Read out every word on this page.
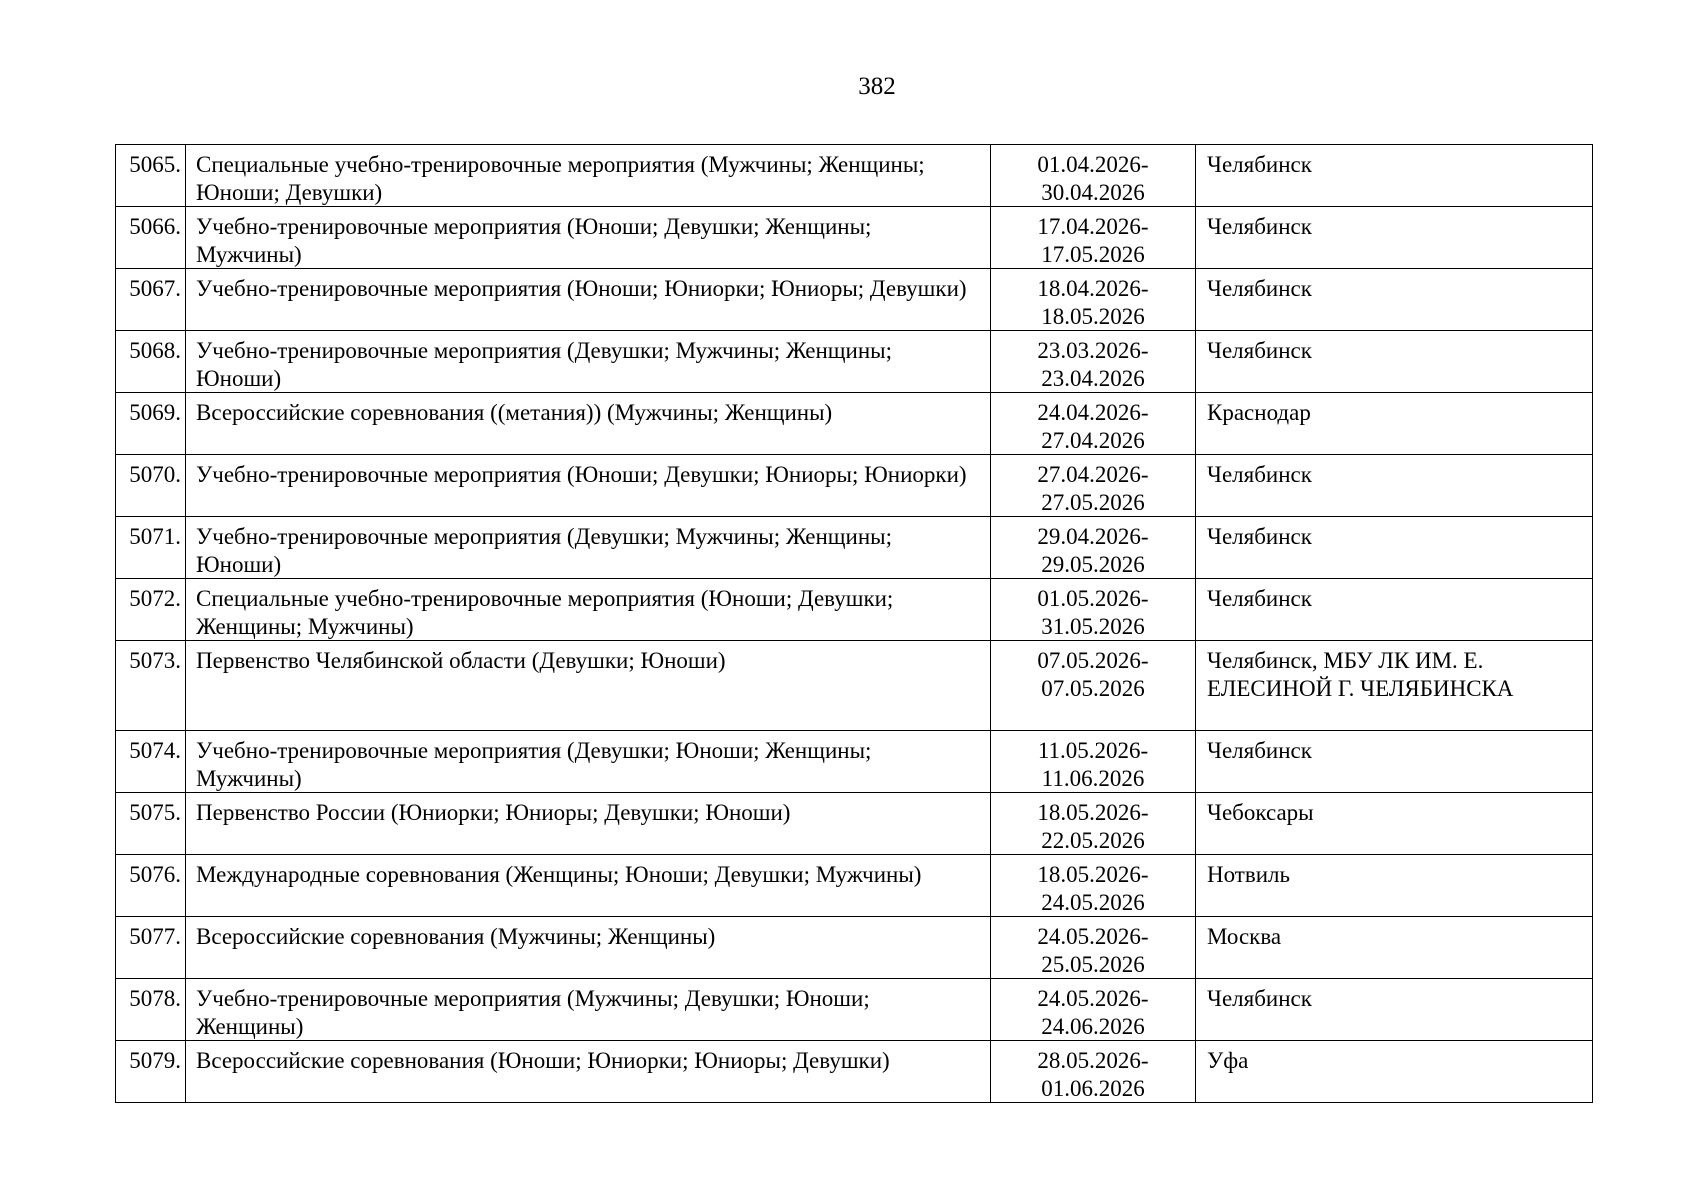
382
5065.	Специальные учебно-тренировочные мероприятия (Мужчины; Женщины; Юноши; Девушки)	01.04.2026-
30.04.2026	Челябинск
5066.	Учебно-тренировочные мероприятия (Юноши; Девушки; Женщины; Мужчины)	17.04.2026-
17.05.2026	Челябинск
5067.	Учебно-тренировочные мероприятия (Юноши; Юниорки; Юниоры; Девушки)	18.04.2026-
18.05.2026	Челябинск
5068.	Учебно-тренировочные мероприятия (Девушки; Мужчины; Женщины; Юноши)	23.03.2026-
23.04.2026	Челябинск
5069.	Всероссийские соревнования ((метания)) (Мужчины; Женщины)	24.04.2026-
27.04.2026	Краснодар
5070.	Учебно-тренировочные мероприятия (Юноши; Девушки; Юниоры; Юниорки)	27.04.2026-
27.05.2026	Челябинск
5071.	Учебно-тренировочные мероприятия (Девушки; Мужчины; Женщины; Юноши)	29.04.2026-
29.05.2026	Челябинск
5072.	Специальные учебно-тренировочные мероприятия (Юноши; Девушки; Женщины; Мужчины)	01.05.2026-
31.05.2026	Челябинск
5073.	Первенство Челябинской области (Девушки; Юноши)	07.05.2026-
07.05.2026	Челябинск, МБУ ЛК ИМ. Е. ЕЛЕСИНОЙ Г. ЧЕЛЯБИНСКА
5074.	Учебно-тренировочные мероприятия (Девушки; Юноши; Женщины; Мужчины)	11.05.2026-
11.06.2026	Челябинск
5075.	Первенство России (Юниорки; Юниоры; Девушки; Юноши)	18.05.2026-
22.05.2026	Чебоксары
5076.	Международные соревнования (Женщины; Юноши; Девушки; Мужчины)	18.05.2026-
24.05.2026	Нотвиль
5077.	Всероссийские соревнования (Мужчины; Женщины)	24.05.2026-
25.05.2026	Москва
5078.	Учебно-тренировочные мероприятия (Мужчины; Девушки; Юноши; Женщины)	24.05.2026-
24.06.2026	Челябинск
5079.	Всероссийские соревнования (Юноши; Юниорки; Юниоры; Девушки)	28.05.2026-
01.06.2026	Уфа
